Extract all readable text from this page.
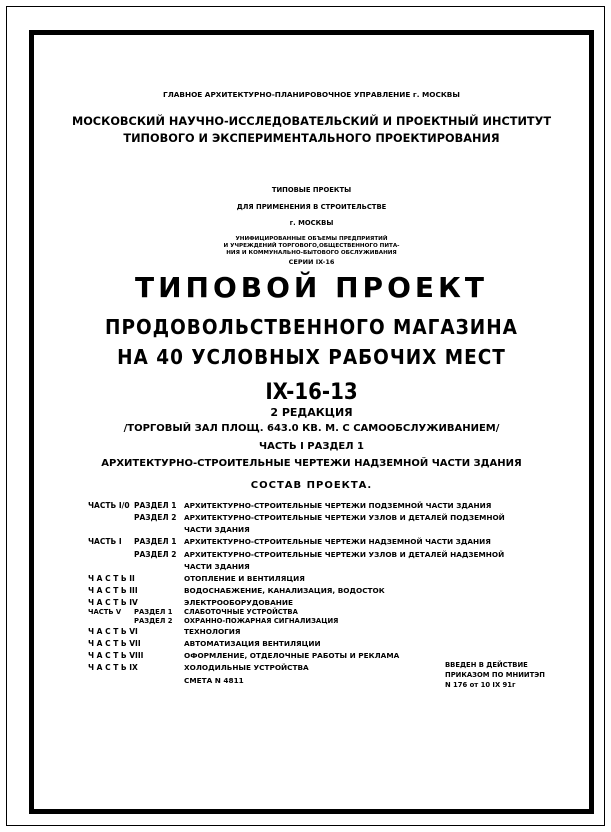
ГЛАВНОЕ АРХИТЕКТУРНО-ПЛАНИРОВОЧНОЕ УПРАВЛЕНИЕ г. МОСКВЫ
МОСКОВСКИЙ НАУЧНО-ИССЛЕДОВАТЕЛЬСКИЙ И ПРОЕКТНЫЙ ИНСТИТУТ
ТИПОВОГО И ЭКСПЕРИМЕНТАЛЬНОГО ПРОЕКТИРОВАНИЯ
ТИПОВЫЕ ПРОЕКТЫ
ДЛЯ ПРИМЕНЕНИЯ В СТРОИТЕЛЬСТВЕ
г. МОСКВЫ
УНИФИЦИРОВАННЫЕ ОБЪЕМЫ ПРЕДПРИЯТИЙ
И УЧРЕЖДЕНИЙ ТОРГОВОГО,ОБЩЕСТВЕННОГО ПИТА-
НИЯ И КОММУНАЛЬНО-БЫТОВОГО ОБСЛУЖИВАНИЯ
СЕРИИ IX-16
ТИПОВОЙ ПРОЕКТ
ПРОДОВОЛЬСТВЕННОГО МАГАЗИНА
НА 40 УСЛОВНЫХ РАБОЧИХ МЕСТ
IX-16-13
2 РЕДАКЦИЯ
/ТОРГОВЫЙ ЗАЛ ПЛОЩ. 643.0 КВ. М. С САМООБСЛУЖИВАНИЕМ/
ЧАСТЬ I РАЗДЕЛ 1
АРХИТЕКТУРНО-СТРОИТЕЛЬНЫЕ ЧЕРТЕЖИ НАДЗЕМНОЙ ЧАСТИ ЗДАНИЯ
СОСТАВ ПРОЕКТА.
ЧАСТЬ I/0 РАЗДЕЛ 1 АРХИТЕКТУРНО-СТРОИТЕЛЬНЫЕ ЧЕРТЕЖИ ПОДЗЕМНОЙ ЧАСТИ ЗДАНИЯ
РАЗДЕЛ 2 АРХИТЕКТУРНО-СТРОИТЕЛЬНЫЕ ЧЕРТЕЖИ УЗЛОВ И ДЕТАЛЕЙ ПОДЗЕМНОЙ
ЧАСТИ ЗДАНИЯ
ЧАСТЬ I РАЗДЕЛ 1 АРХИТЕКТУРНО-СТРОИТЕЛЬНЫЕ ЧЕРТЕЖИ НАДЗЕМНОЙ ЧАСТИ ЗДАНИЯ
РАЗДЕЛ 2 АРХИТЕКТУРНО-СТРОИТЕЛЬНЫЕ ЧЕРТЕЖИ УЗЛОВ И ДЕТАЛЕЙ НАДЗЕМНОЙ
ЧАСТИ ЗДАНИЯ
Ч А С Т Ь II	ОТОПЛЕНИЕ И ВЕНТИЛЯЦИЯ
Ч А С Т Ь III	ВОДОСНАБЖЕНИЕ, КАНАЛИЗАЦИЯ, ВОДОСТОК
Ч А С Т Ь IV	ЭЛЕКТРООБОРУДОВАНИЕ
ЧАСТЬ V РАЗДЕЛ 1 СЛАБОТОЧНЫЕ УСТРОЙСТВА
РАЗДЕЛ 2 ОХРАННО-ПОЖАРНАЯ СИГНАЛИЗАЦИЯ
Ч А С Т Ь VI	ТЕХНОЛОГИЯ
Ч А С Т Ь VII	АВТОМАТИЗАЦИЯ ВЕНТИЛЯЦИИ
Ч А С Т Ь VIII	ОФОРМЛЕНИЕ, ОТДЕЛОЧНЫЕ РАБОТЫ И РЕКЛАМА
Ч А С Т Ь IX	ХОЛОДИЛЬНЫЕ УСТРОЙСТВА
СМЕТА N 4811
ВВЕДЕН В ДЕЙСТВИЕ
ПРИКАЗОМ ПО МНИИТЭП
N 176 от 10 IX 91г
